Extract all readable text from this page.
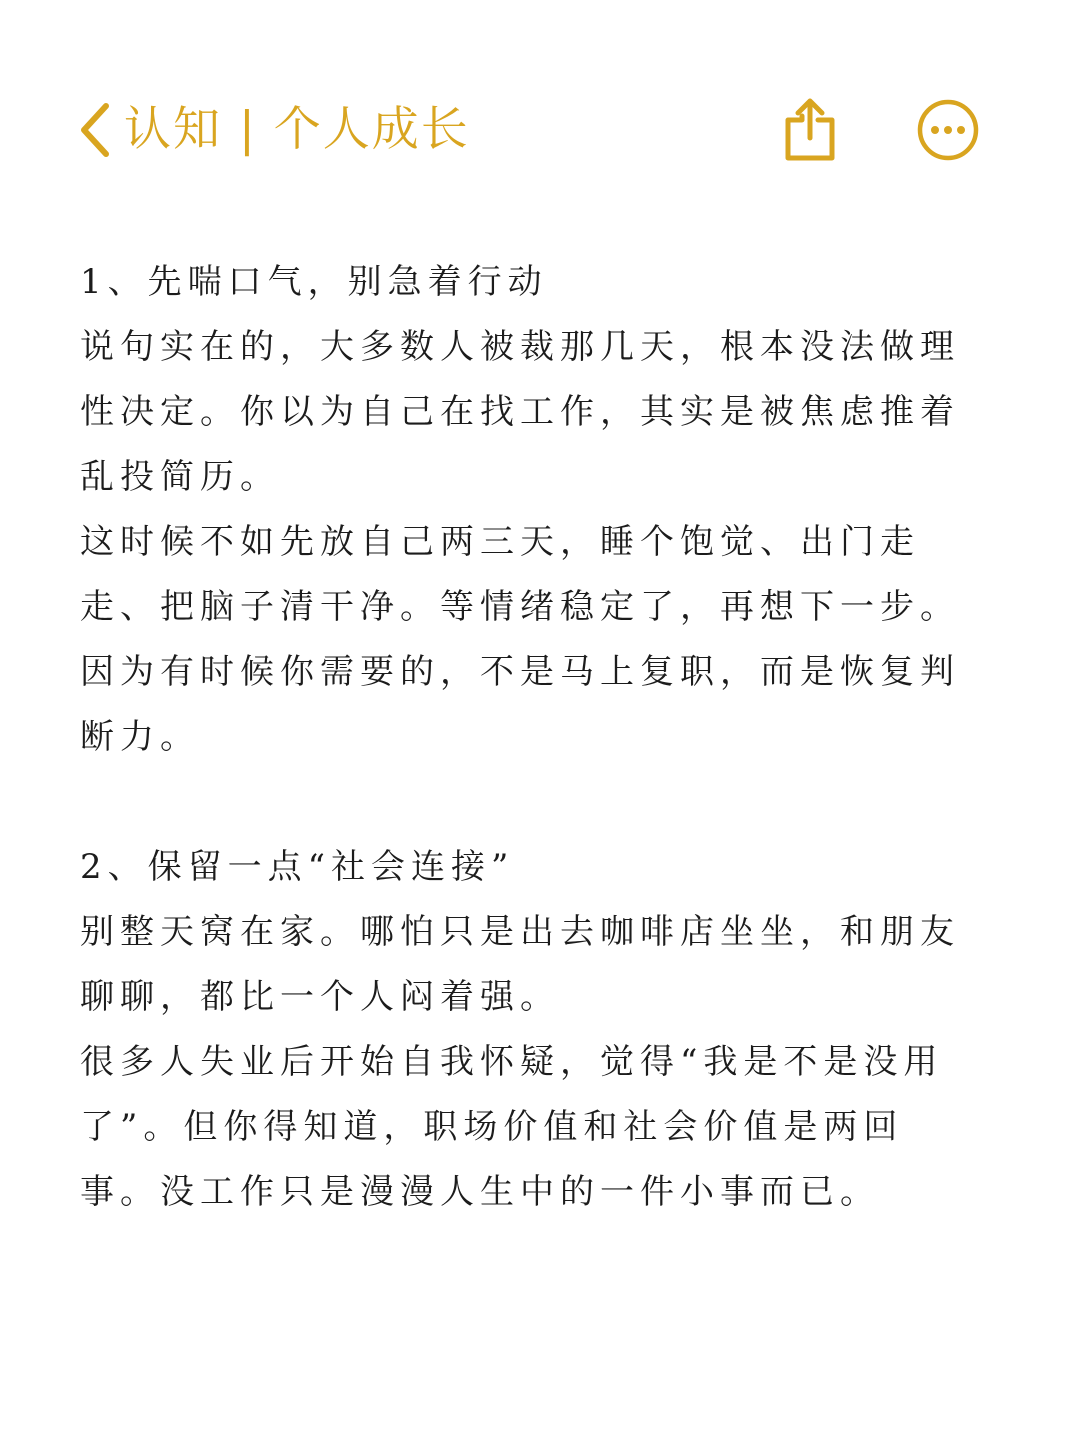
认知 | 个人成长
1、先喘口气，别急着行动
说句实在的，大多数人被裁那几天，根本没法做理
性决定。你以为自己在找工作，其实是被焦虑推着
乱投简历。
这时候不如先放自己两三天，睡个饱觉、出门走
走、把脑子清干净。等情绪稳定了，再想下一步。
因为有时候你需要的，不是马上复职，而是恢复判
断力。
2、保留一点“社会连接”
别整天窝在家。哪怕只是出去咖啡店坐坐，和朋友
聊聊，都比一个人闷着强。
很多人失业后开始自我怀疑，觉得“我是不是没用
了”。但你得知道，职场价值和社会价值是两回
事。没工作只是漫漫人生中的一件小事而已。
